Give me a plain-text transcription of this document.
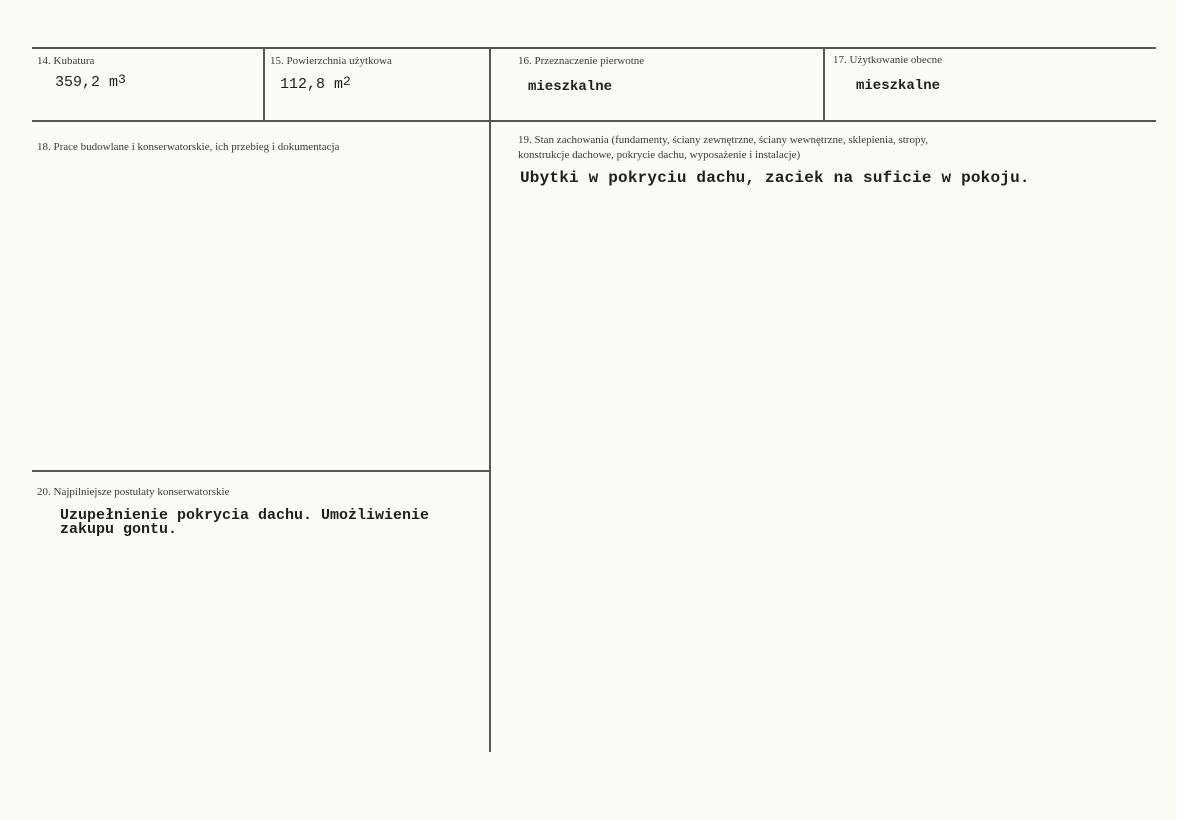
14. Kubatura
359,2 $m^3$
15. Powierzchnia użytkowa
112,8 $m^2$
16. Przeznaczenie pierwotne
mieszkalne
17. Użytkowanie obecne
mieszkalne
18. Prace budowlane i konserwatorskie, ich przebieg i dokumentacja
19. Stan zachowania (fundamenty, ściany zewnętrzne, ściany wewnętrzne, sklepienia, stropy,
konstrukcje dachowe, pokrycie dachu, wyposażenie i instalacje)
Ubytki w pokryciu dachu, zaciek na suficie w pokoju.
20. Najpilniejsze postulaty konserwatorskie
Uzupełnienie pokrycia dachu. Umożliwienie
zakupu gontu.
